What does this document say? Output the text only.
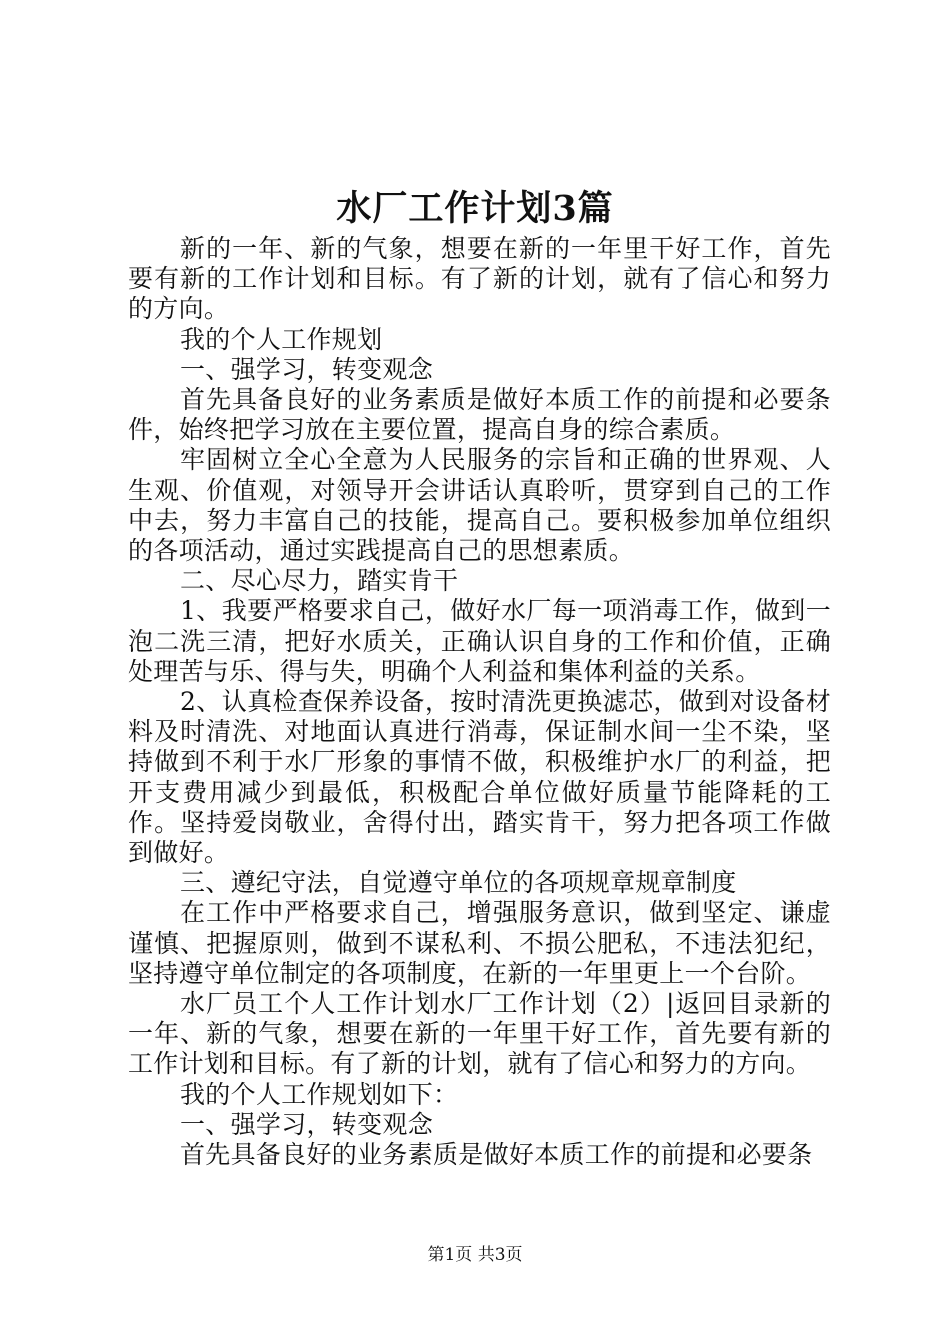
水厂工作计划3篇

新的一年、新的气象，想要在新的一年里干好工作，首先要有新的工作计划和目标。有了新的计划，就有了信心和努力的方向。

我的个人工作规划

一、强学习，转变观念

首先具备良好的业务素质是做好本质工作的前提和必要条件，始终把学习放在主要位置，提高自身的综合素质。

牢固树立全心全意为人民服务的宗旨和正确的世界观、人生观、价值观，对领导开会讲话认真聆听，贯穿到自己的工作中去，努力丰富自己的技能，提高自己。要积极参加单位组织的各项活动，通过实践提高自己的思想素质。

二、尽心尽力，踏实肯干

1、我要严格要求自己，做好水厂每一项消毒工作，做到一泡二洗三清，把好水质关，正确认识自身的工作和价值，正确处理苦与乐、得与失，明确个人利益和集体利益的关系。

2、认真检查保养设备，按时清洗更换滤芯，做到对设备材料及时清洗、对地面认真进行消毒，保证制水间一尘不染，坚持做到不利于水厂形象的事情不做，积极维护水厂的利益，把开支费用减少到最低，积极配合单位做好质量节能降耗的工作。坚持爱岗敬业，舍得付出，踏实肯干，努力把各项工作做到做好。

三、遵纪守法，自觉遵守单位的各项规章规章制度

在工作中严格要求自己，增强服务意识，做到坚定、谦虚谨慎、把握原则，做到不谋私利、不损公肥私，不违法犯纪，坚持遵守单位制定的各项制度，在新的一年里更上一个台阶。

水厂员工个人工作计划水厂工作计划（2）|返回目录新的一年、新的气象，想要在新的一年里干好工作，首先要有新的工作计划和目标。有了新的计划，就有了信心和努力的方向。

我的个人工作规划如下：

一、强学习，转变观念

首先具备良好的业务素质是做好本质工作的前提和必要条

第1页 共3页
